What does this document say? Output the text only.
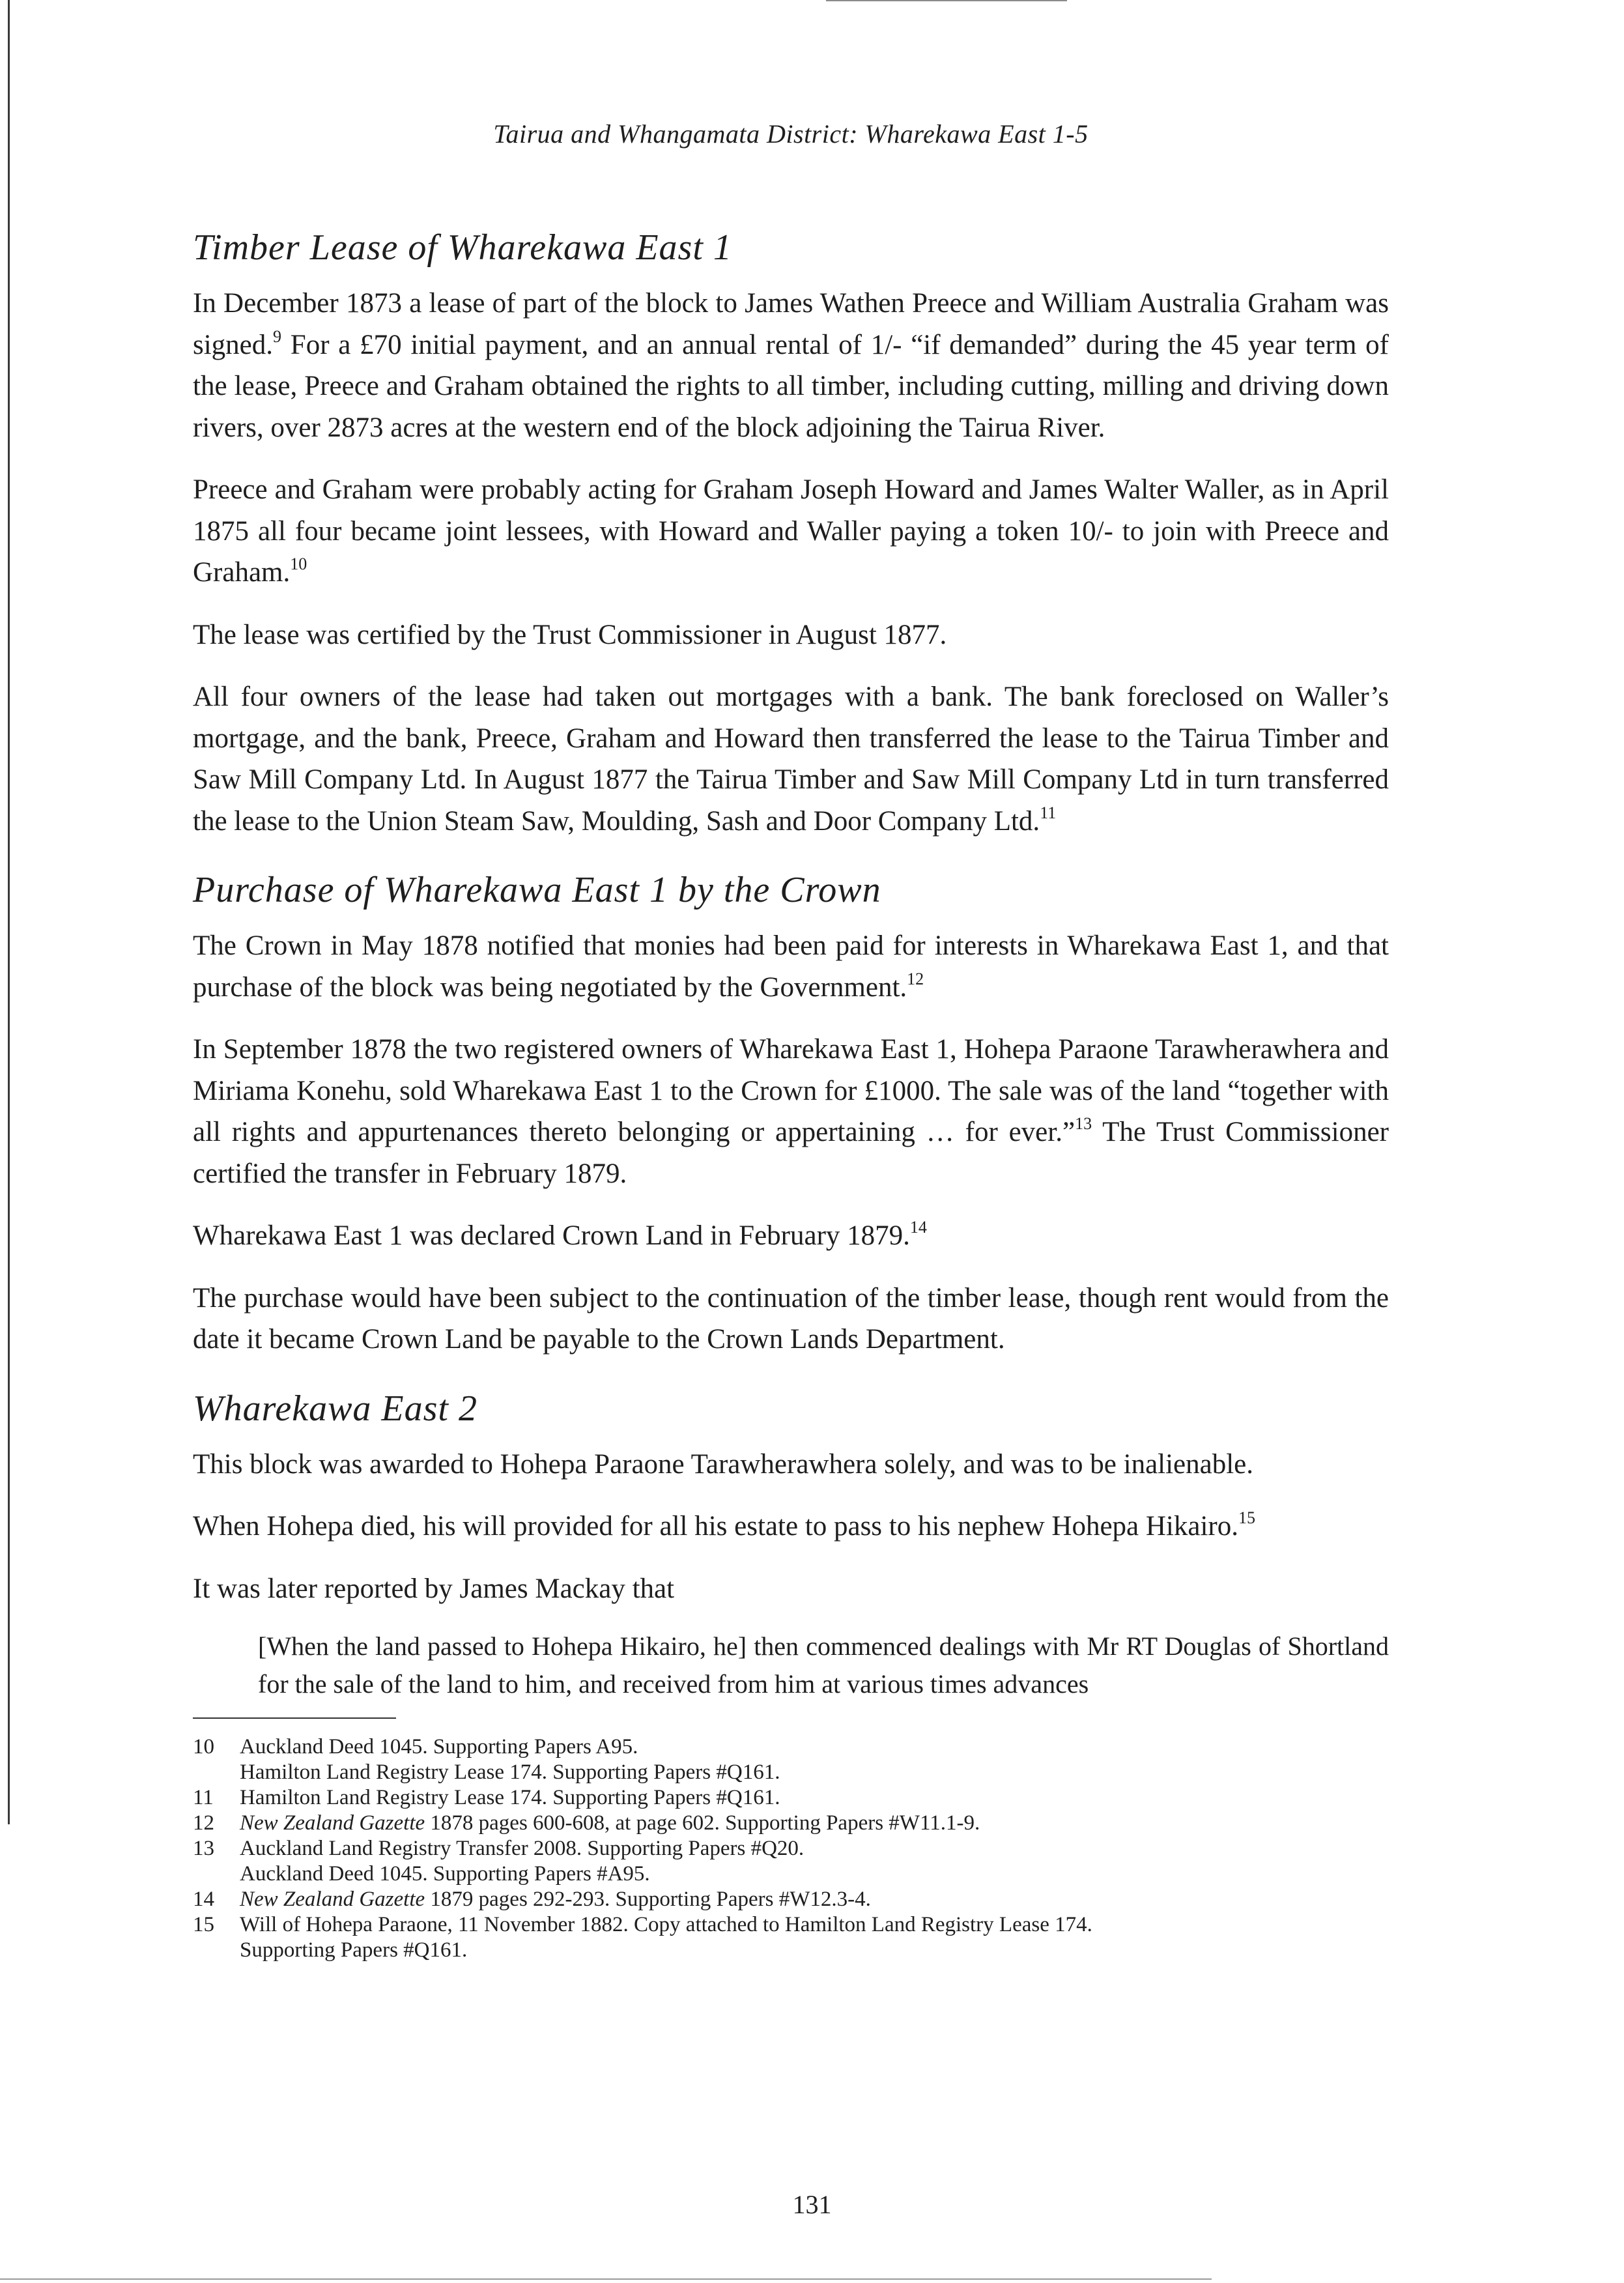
Tairua and Whangamata District: Wharekawa East 1-5
Timber Lease of Wharekawa East 1

In December 1873 a lease of part of the block to James Wathen Preece and William Australia Graham was signed.$^9$ For a £70 initial payment, and an annual rental of 1/- “if demanded” during the 45 year term of the lease, Preece and Graham obtained the rights to all timber, including cutting, milling and driving down rivers, over 2873 acres at the western end of the block adjoining the Tairua River.

Preece and Graham were probably acting for Graham Joseph Howard and James Walter Waller, as in April 1875 all four became joint lessees, with Howard and Waller paying a token 10/- to join with Preece and Graham.$^{10}$

The lease was certified by the Trust Commissioner in August 1877.

All four owners of the lease had taken out mortgages with a bank. The bank foreclosed on Waller’s mortgage, and the bank, Preece, Graham and Howard then transferred the lease to the Tairua Timber and Saw Mill Company Ltd. In August 1877 the Tairua Timber and Saw Mill Company Ltd in turn transferred the lease to the Union Steam Saw, Moulding, Sash and Door Company Ltd.$^{11}$

Purchase of Wharekawa East 1 by the Crown

The Crown in May 1878 notified that monies had been paid for interests in Wharekawa East 1, and that purchase of the block was being negotiated by the Government.$^{12}$

In September 1878 the two registered owners of Wharekawa East 1, Hohepa Paraone Tarawherawhera and Miriama Konehu, sold Wharekawa East 1 to the Crown for £1000. The sale was of the land “together with all rights and appurtenances thereto belonging or appertaining … for ever.”$^{13}$ The Trust Commissioner certified the transfer in February 1879.

Wharekawa East 1 was declared Crown Land in February 1879.14

The purchase would have been subject to the continuation of the timber lease, though rent would from the date it became Crown Land be payable to the Crown Lands Department.

Wharekawa East 2

This block was awarded to Hohepa Paraone Tarawherawhera solely, and was to be inalienable.

When Hohepa died, his will provided for all his estate to pass to his nephew Hohepa Hikairo.$^{15}$

It was later reported by James Mackay that

[When the land passed to Hohepa Hikairo, he] then commenced dealings with Mr RT Douglas of Shortland for the sale of the land to him, and received from him at various times advances
10	Auckland Deed 1045. Supporting Papers A95.
Hamilton Land Registry Lease 174. Supporting Papers #Q161.
11	Hamilton Land Registry Lease 174. Supporting Papers #Q161.
12	New Zealand Gazette 1878 pages 600-608, at page 602. Supporting Papers #W11.1-9.
13	Auckland Land Registry Transfer 2008. Supporting Papers #Q20.
Auckland Deed 1045. Supporting Papers #A95.
14	New Zealand Gazette 1879 pages 292-293. Supporting Papers #W12.3-4.
15	Will of Hohepa Paraone, 11 November 1882. Copy attached to Hamilton Land Registry Lease 174.
Supporting Papers #Q161.
131
